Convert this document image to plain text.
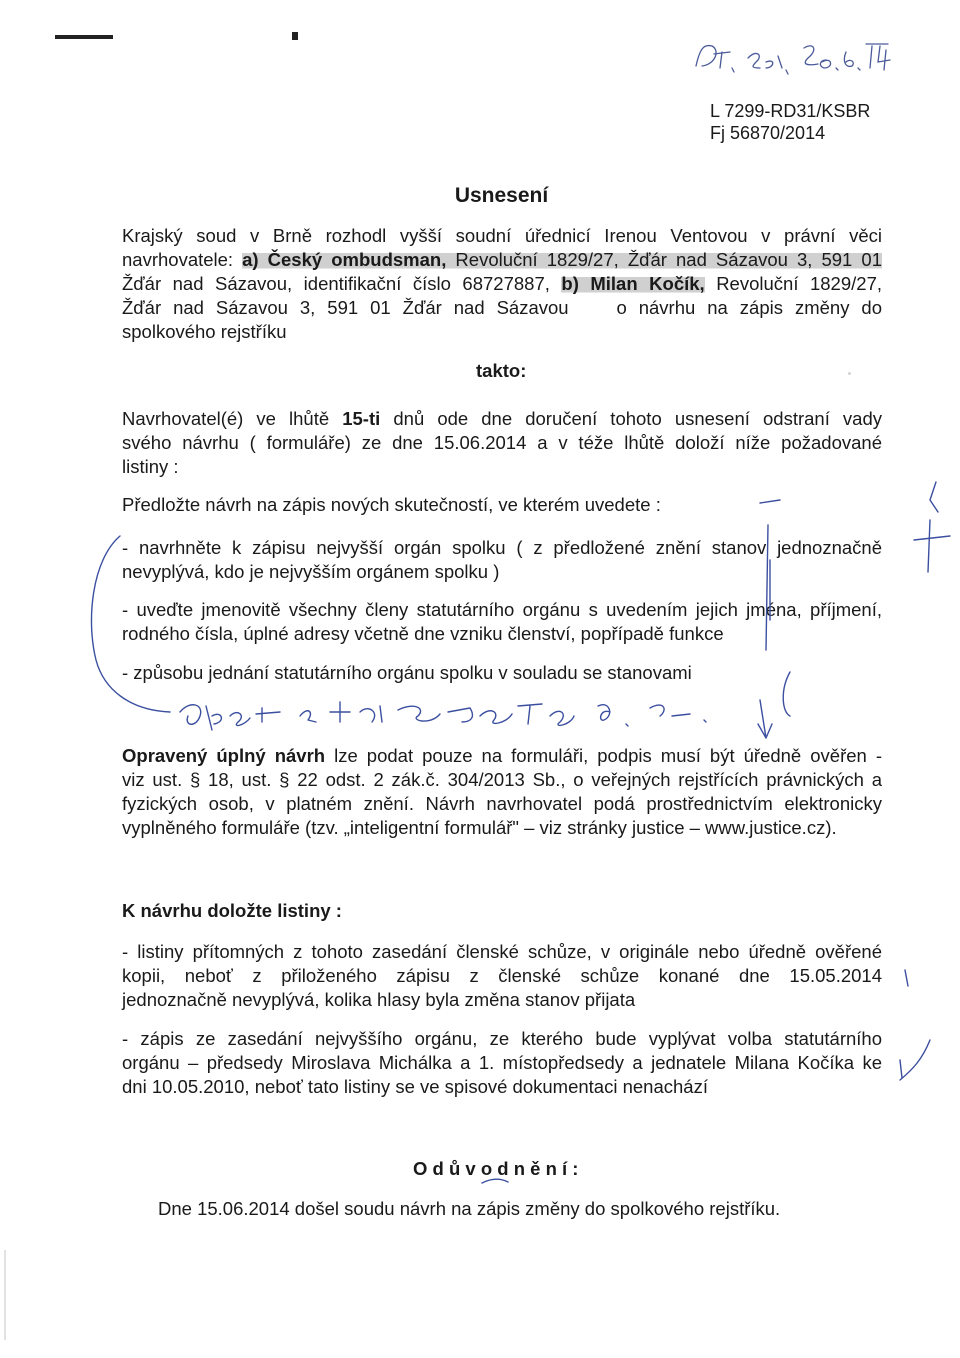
L 7299-RD31/KSBR
Fj 56870/2014
Usnesení
Krajský soud v Brně rozhodl vyšší soudní úřednicí Irenou Ventovou v právní věci
navrhovatele: a) Český ombudsman, Revoluční 1829/27, Žďár nad Sázavou 3, 591 01
Žďár nad Sázavou, identifikační číslo 68727887, b) Milan Kočík, Revoluční 1829/27,
Žďár nad Sázavou 3, 591 01 Žďár nad Sázavou    o návrhu na zápis změny do
spolkového rejstříku
takto:
Navrhovatel(é) ve lhůtě 15-ti dnů ode dne doručení tohoto usnesení odstraní vady
svého návrhu ( formuláře) ze dne 15.06.2014 a v téže lhůtě doloží níže požadované
listiny :
Předložte návrh na zápis nových skutečností, ve kterém uvedete :
- navrhněte k zápisu nejvyšší orgán spolku ( z předložené znění stanov jednoznačně
nevyplývá, kdo je nejvyšším orgánem spolku )
- uveďte jmenovitě všechny členy statutárního orgánu s uvedením jejich jména, příjmení,
rodného čísla, úplné adresy včetně dne vzniku členství, popřípadě funkce
- způsobu jednání statutárního orgánu spolku v souladu se stanovami
Opravený úplný návrh lze podat pouze na formuláři, podpis musí být úředně ověřen -
viz ust. § 18, ust. § 22 odst. 2 zák.č. 304/2013 Sb., o veřejných rejstřících právnických a
fyzických osob, v platném znění. Návrh navrhovatel podá prostřednictvím elektronicky
vyplněného formuláře (tzv. „inteligentní formulář" – viz stránky justice – www.justice.cz).
K návrhu doložte listiny :
- listiny přítomných z tohoto zasedání členské schůze, v originále nebo úředně ověřené
kopii, neboť z přiloženého zápisu z členské schůze konané dne 15.05.2014
jednoznačně nevyplývá, kolika hlasy byla změna stanov přijata
- zápis ze zasedání nejvyššího orgánu, ze kterého bude vyplývat volba statutárního
orgánu – předsedy Miroslava Michálka a 1. místopředsedy a jednatele Milana Kočíka ke
dni 10.05.2010, neboť tato listiny se ve spisové dokumentaci nenachází
O d ů v o d n ě n í :
Dne 15.06.2014 došel soudu návrh na zápis změny do spolkového rejstříku.
